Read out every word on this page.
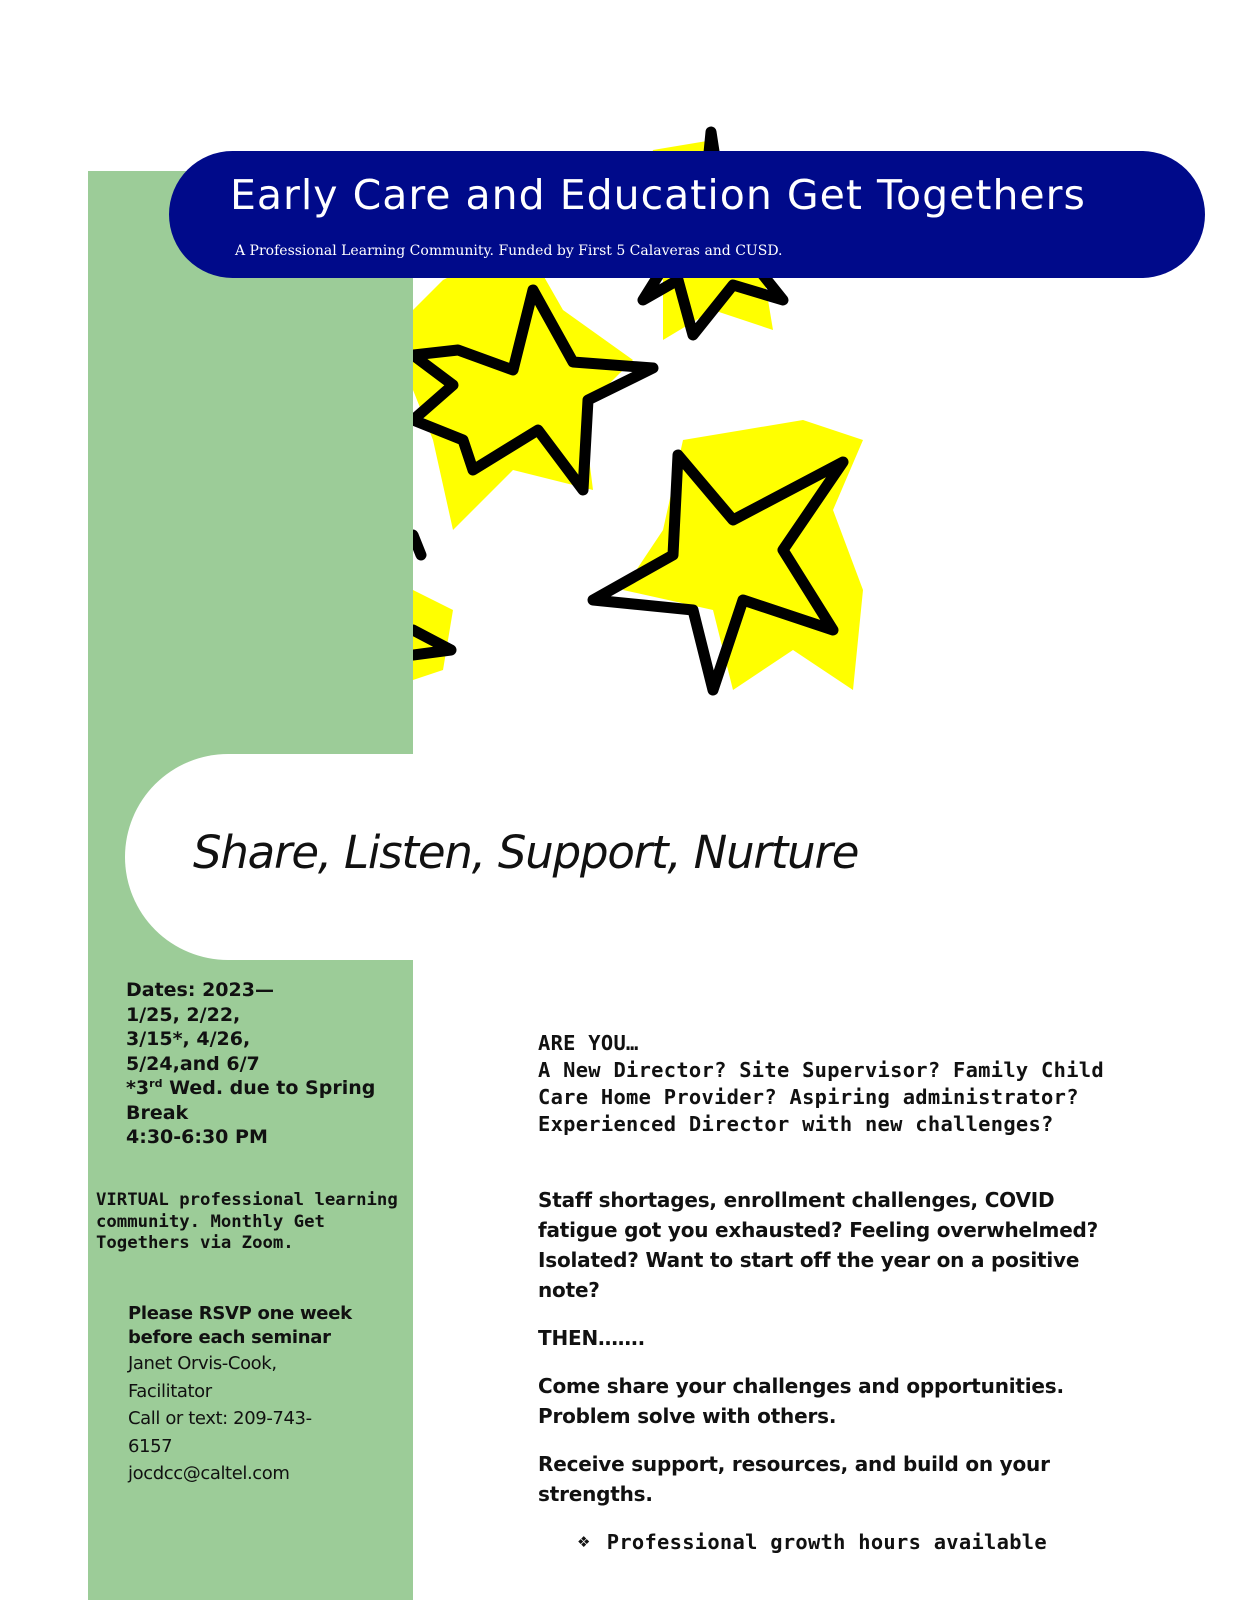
Early Care and Education Get Togethers
A Professional Learning Community. Funded by First 5 Calaveras and CUSD.
Share, Listen, Support, Nurture
Dates: 2023—
1/25, 2/22,
3/15*, 4/26,
5/24,and 6/7
*3rd Wed. due to Spring
Break
4:30-6:30 PM
VIRTUAL professional learning
community. Monthly Get
Togethers via Zoom.
Please RSVP one week
before each seminar
Janet Orvis-Cook,
Facilitator
Call or text: 209-743-
6157
jocdcc@caltel.com
ARE YOU…
A New Director? Site Supervisor? Family Child
Care Home Provider? Aspiring administrator?
Experienced Director with new challenges?
Staff shortages, enrollment challenges, COVID
fatigue got you exhausted? Feeling overwhelmed?
Isolated? Want to start off the year on a positive
note?
THEN…….
Come share your challenges and opportunities.
Problem solve with others.
Receive support, resources, and build on your
strengths.
❖ Professional growth hours available
